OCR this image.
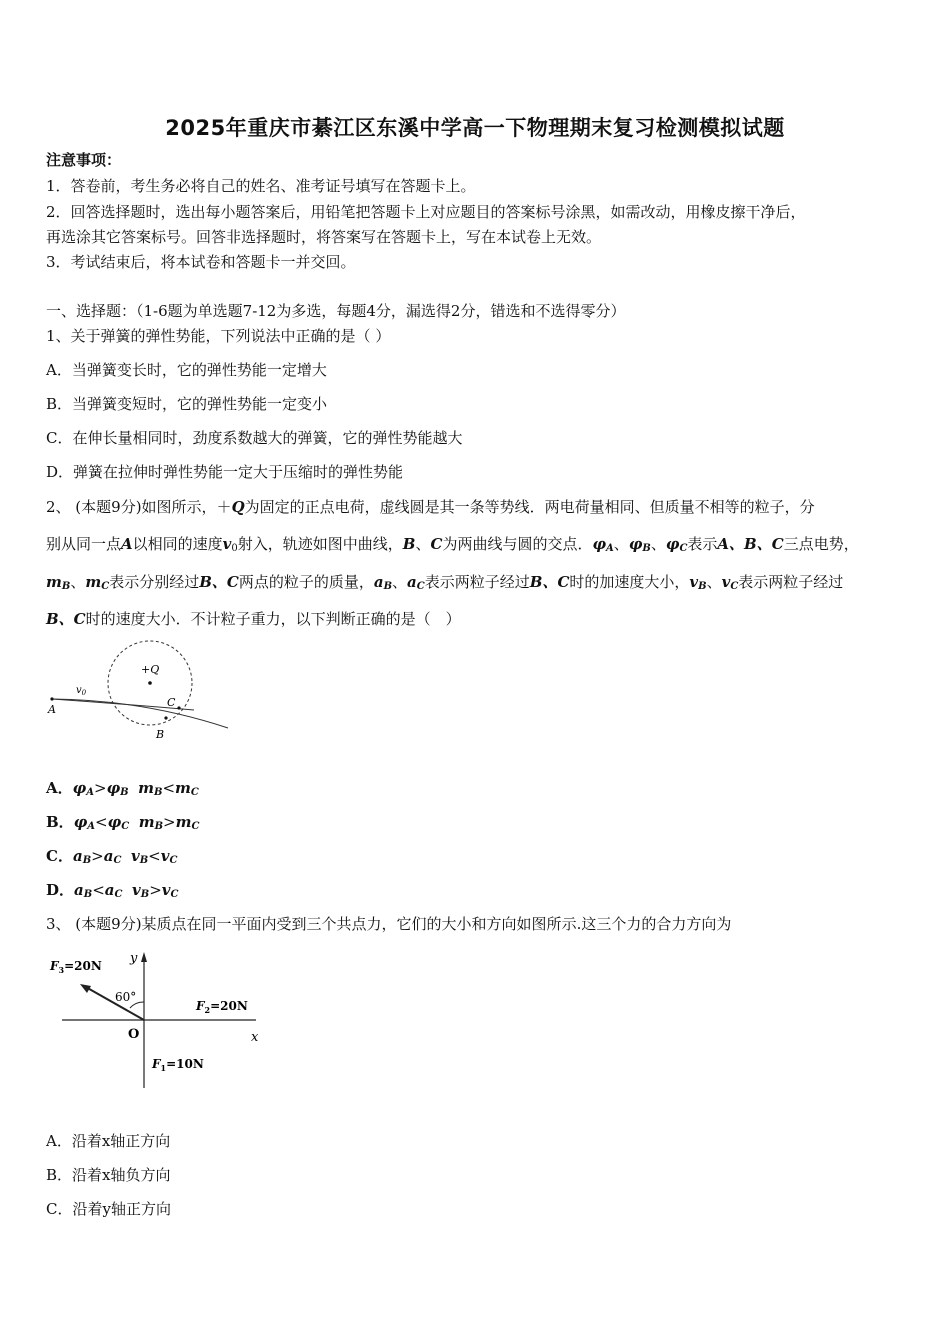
2025年重庆市綦江区东溪中学高一下物理期末复习检测模拟试题
注意事项：
1．答卷前，考生务必将自己的姓名、准考证号填写在答题卡上。
2．回答选择题时，选出每小题答案后，用铅笔把答题卡上对应题目的答案标号涂黑，如需改动，用橡皮擦干净后，
再选涂其它答案标号。回答非选择题时，将答案写在答题卡上，写在本试卷上无效。
3．考试结束后，将本试卷和答题卡一并交回。
一、选择题：（1-6题为单选题7-12为多选，每题4分，漏选得2分，错选和不选得零分）
1、关于弹簧的弹性势能，下列说法中正确的是（ ）
A．当弹簧变长时，它的弹性势能一定增大
B．当弹簧变短时，它的弹性势能一定变小
C．在伸长量相同时，劲度系数越大的弹簧，它的弹性势能越大
D．弹簧在拉伸时弹性势能一定大于压缩时的弹性势能
2、 (本题9分)如图所示，＋Q为固定的正点电荷，虚线圆是其一条等势线．两电荷量相同、但质量不相等的粒子，分
别从同一点A以相同的速度$v_0$射入，轨迹如图中曲线，B、C为两曲线与圆的交点．$\varphi_A$、$\varphi_B$、$\varphi_C$表示A、B、C三点电势，
$m_B$、$m_C$表示分别经过B、C两点的粒子的质量，$a_B$、$a_C$表示两粒子经过B、C时的加速度大小，$v_B$、$v_C$表示两粒子经过
B、C时的速度大小．不计粒子重力，以下判断正确的是（　）
+Q
A
C
B
$v_0$
A．$\varphi_A>\varphi_B$ $m_B<m_C$
B．$\varphi_A<\varphi_C$ $m_B>m_C$
C．$a_B>a_C$ $v_B<v_C$
D．$a_B<a_C$ $v_B>v_C$
3、 (本题9分)某质点在同一平面内受到三个共点力，它们的大小和方向如图所示.这三个力的合力方向为
y
x
O
60°
$F_3=20N$
$F_2=20N$
$F_1=10N$
A．沿着x轴正方向
B．沿着x轴负方向
C．沿着y轴正方向
